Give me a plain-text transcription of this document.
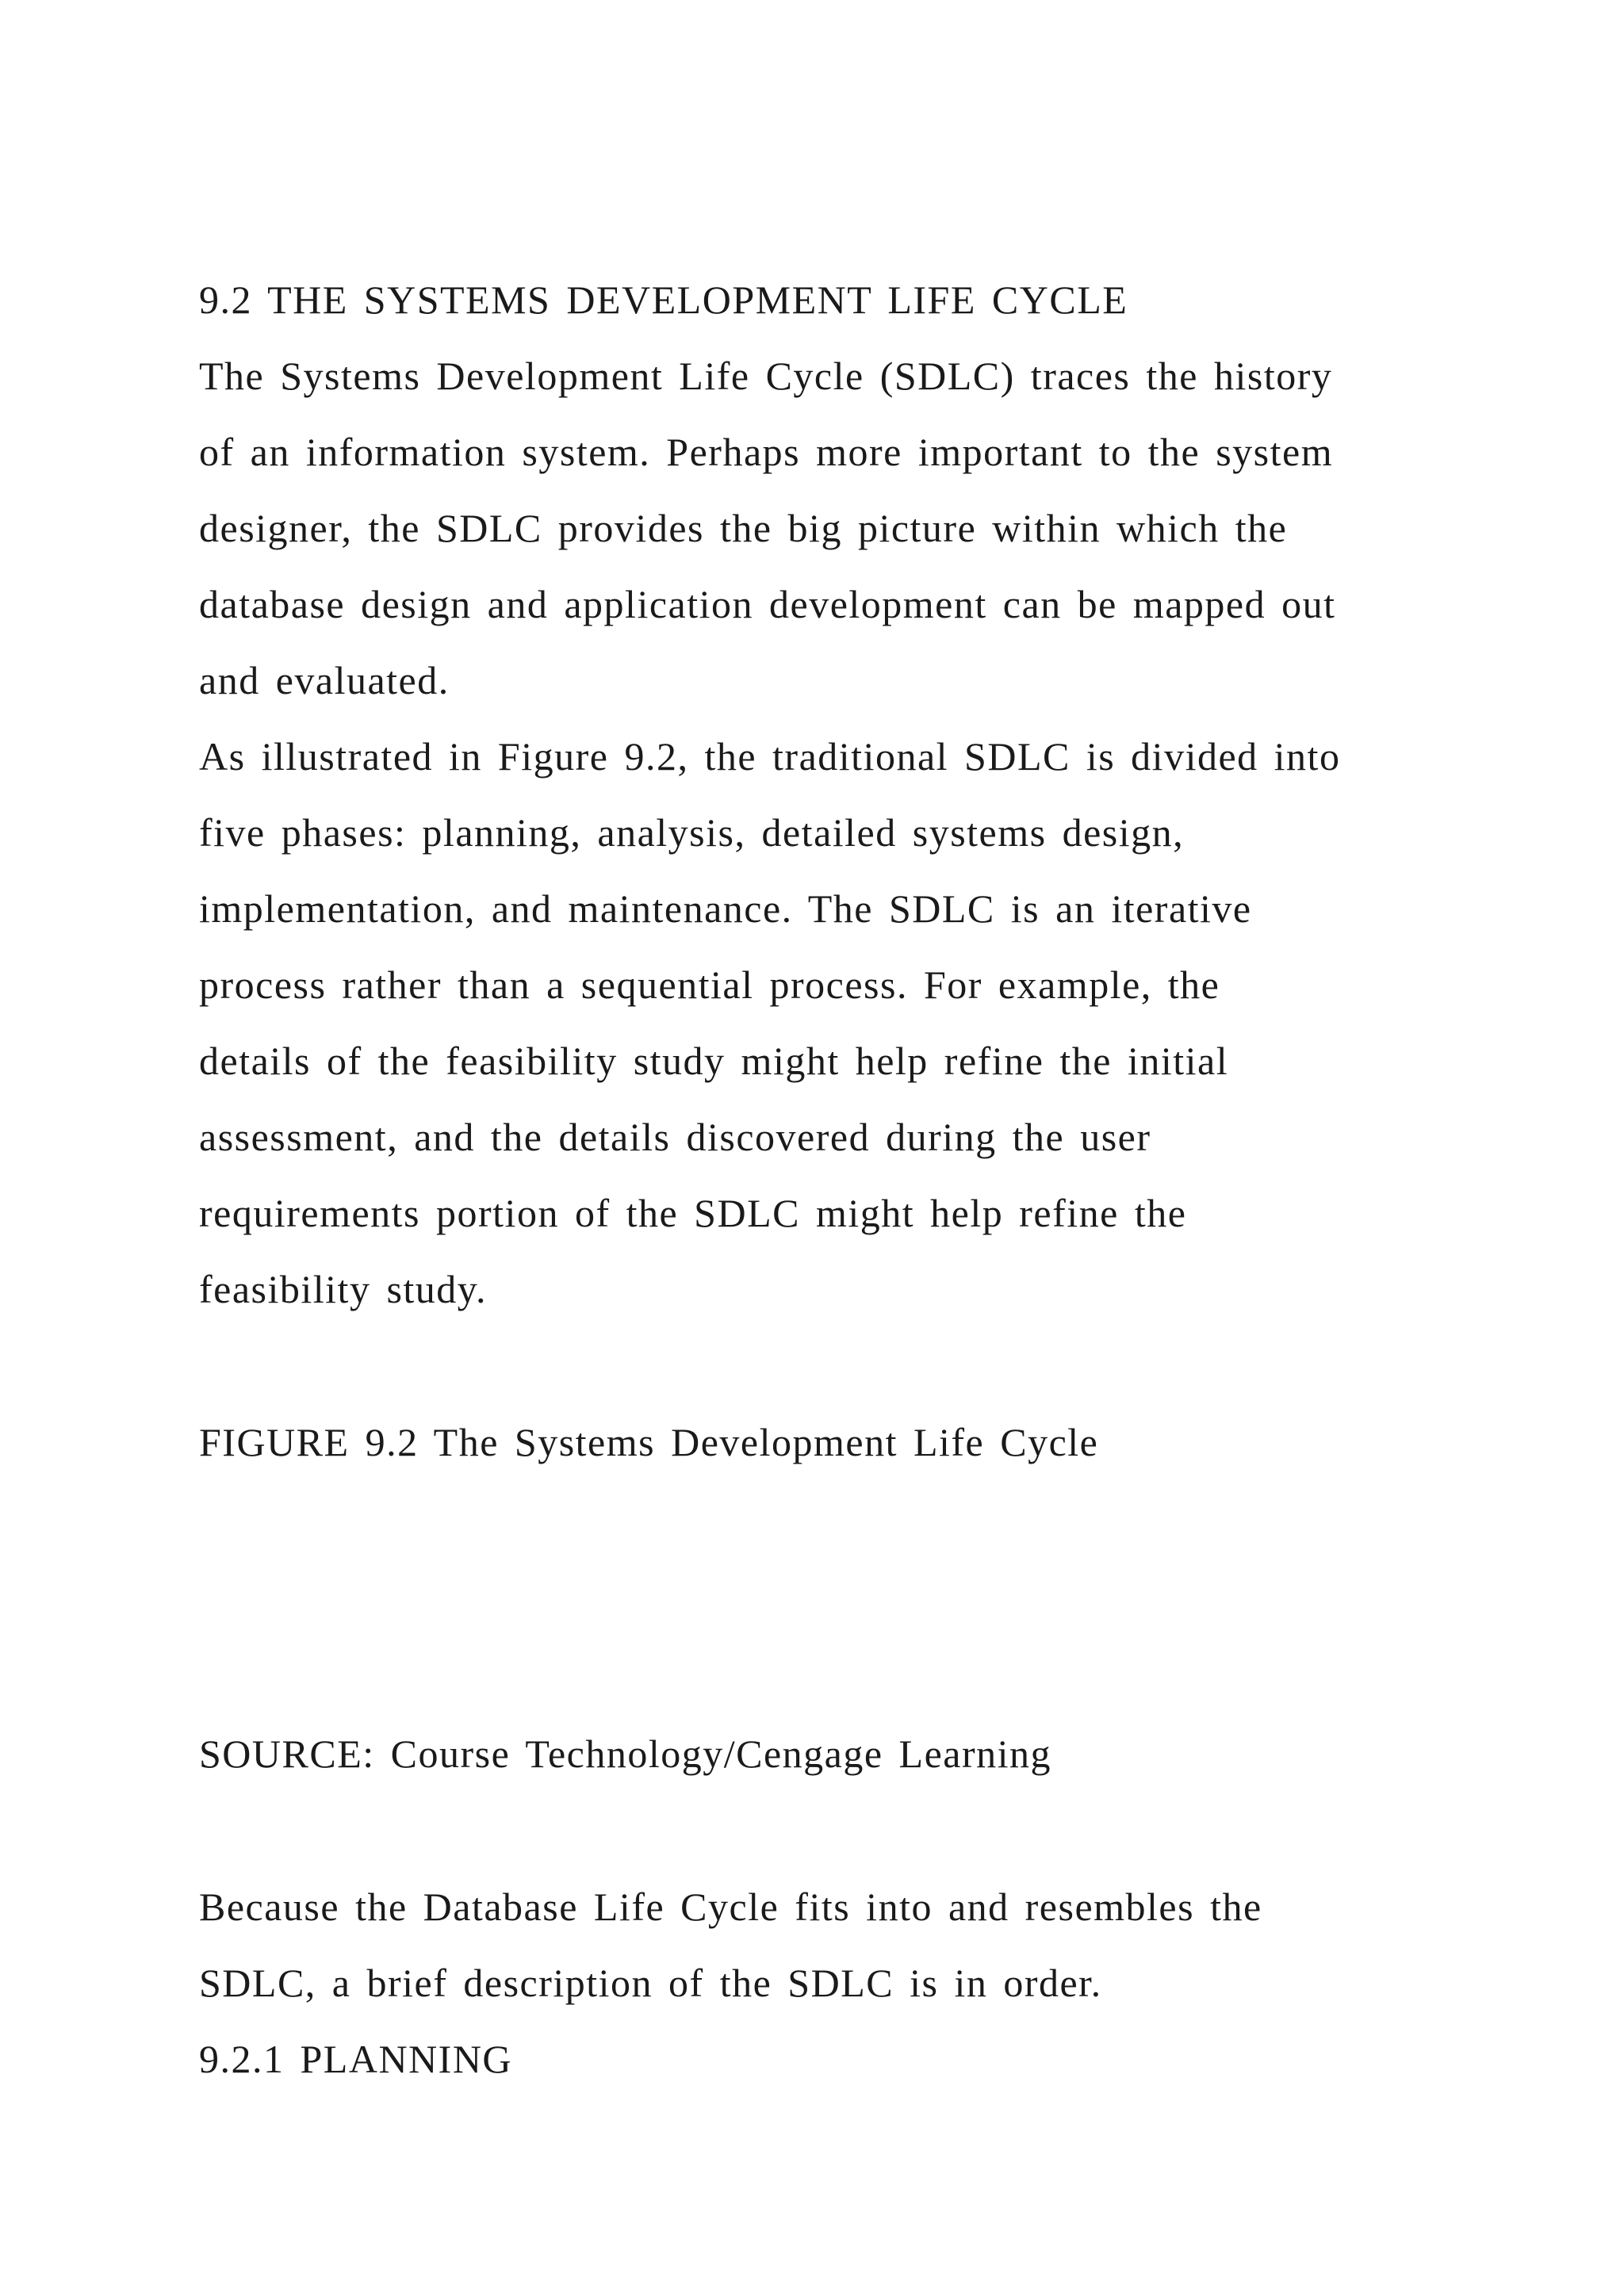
9.2 THE SYSTEMS DEVELOPMENT LIFE CYCLE

The Systems Development Life Cycle (SDLC) traces the history

of an information system. Perhaps more important to the system

designer, the SDLC provides the big picture within which the

database design and application development can be mapped out

and evaluated.

As illustrated in Figure 9.2, the traditional SDLC is divided into

five phases: planning, analysis, detailed systems design,

implementation, and maintenance. The SDLC is an iterative

process rather than a sequential process. For example, the

details of the feasibility study might help refine the initial

assessment, and the details discovered during the user

requirements portion of the SDLC might help refine the

feasibility study.

FIGURE 9.2 The Systems Development Life Cycle

SOURCE: Course Technology/Cengage Learning

Because the Database Life Cycle fits into and resembles the

SDLC, a brief description of the SDLC is in order.

9.2.1 PLANNING
